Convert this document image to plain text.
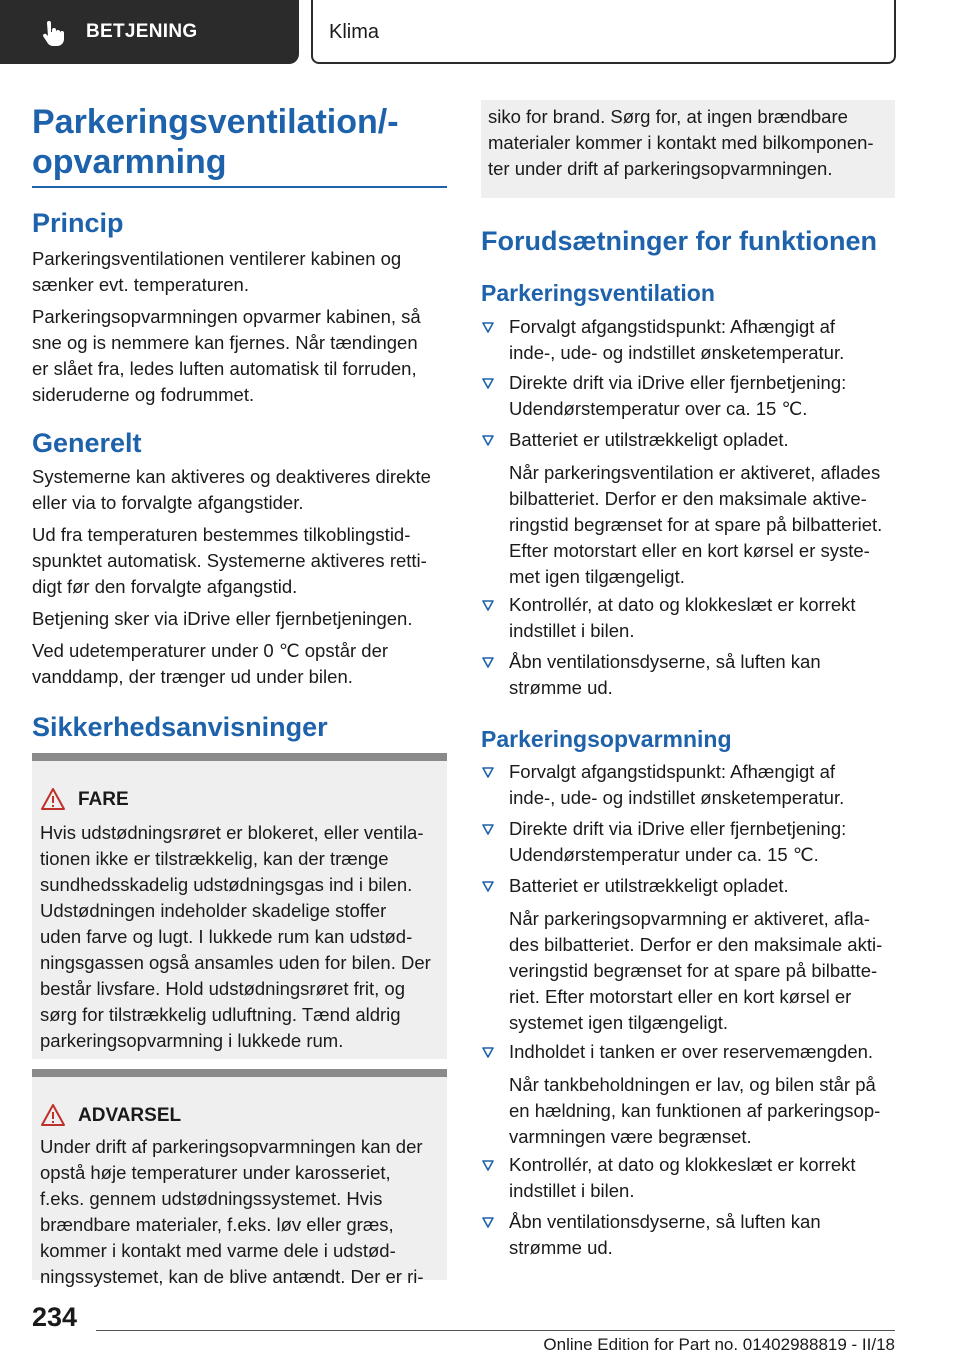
BETJENING	Klima
Parkeringsventilation/-
opvarmning
Princip
Parkeringsventilationen ventilerer kabinen og
sænker evt. temperaturen.
Parkeringsopvarmningen opvarmer kabinen, så
sne og is nemmere kan fjernes. Når tændingen
er slået fra, ledes luften automatisk til forruden,
sideruderne og fodrummet.
Generelt
Systemerne kan aktiveres og deaktiveres direkte
eller via to forvalgte afgangstider.
Ud fra temperaturen bestemmes tilkoblingstid-
spunktet automatisk. Systemerne aktiveres retti-
digt før den forvalgte afgangstid.
Betjening sker via iDrive eller fjernbetjeningen.
Ved udetemperaturer under 0 ℃ opstår der
vanddamp, der trænger ud under bilen.
Sikkerhedsanvisninger
FARE
Hvis udstødningsrøret er blokeret, eller ventila-
tionen ikke er tilstrækkelig, kan der trænge
sundhedsskadelig udstødningsgas ind i bilen.
Udstødningen indeholder skadelige stoffer
uden farve og lugt. I lukkede rum kan udstød-
ningsgassen også ansamles uden for bilen. Der
består livsfare. Hold udstødningsrøret frit, og
sørg for tilstrækkelig udluftning. Tænd aldrig
parkeringsopvarmning i lukkede rum.
ADVARSEL
Under drift af parkeringsopvarmningen kan der
opstå høje temperaturer under karosseriet,
f.eks. gennem udstødningssystemet. Hvis
brændbare materialer, f.eks. løv eller græs,
kommer i kontakt med varme dele i udstød-
ningssystemet, kan de blive antændt. Der er ri-
siko for brand. Sørg for, at ingen brændbare
materialer kommer i kontakt med bilkomponen-
ter under drift af parkeringsopvarmningen.
Forudsætninger for funktionen
Parkeringsventilation
Forvalgt afgangstidspunkt: Afhængigt af
inde-, ude- og indstillet ønsketemperatur.
Direkte drift via iDrive eller fjernbetjening:
Udendørstemperatur over ca. 15 ℃.
Batteriet er utilstrækkeligt opladet.
Når parkeringsventilation er aktiveret, aflades
bilbatteriet. Derfor er den maksimale aktive-
ringstid begrænset for at spare på bilbatteriet.
Efter motorstart eller en kort kørsel er syste-
met igen tilgængeligt.
Kontrollér, at dato og klokkeslæt er korrekt
indstillet i bilen.
Åbn ventilationsdyserne, så luften kan
strømme ud.
Parkeringsopvarmning
Forvalgt afgangstidspunkt: Afhængigt af
inde-, ude- og indstillet ønsketemperatur.
Direkte drift via iDrive eller fjernbetjening:
Udendørstemperatur under ca. 15 ℃.
Batteriet er utilstrækkeligt opladet.
Når parkeringsopvarmning er aktiveret, afla-
des bilbatteriet. Derfor er den maksimale akti-
veringstid begrænset for at spare på bilbatte-
riet. Efter motorstart eller en kort kørsel er
systemet igen tilgængeligt.
Indholdet i tanken er over reservemængden.
Når tankbeholdningen er lav, og bilen står på
en hældning, kan funktionen af parkeringsop-
varmningen være begrænset.
Kontrollér, at dato og klokkeslæt er korrekt
indstillet i bilen.
Åbn ventilationsdyserne, så luften kan
strømme ud.
234
Online Edition for Part no. 01402988819 - II/18
